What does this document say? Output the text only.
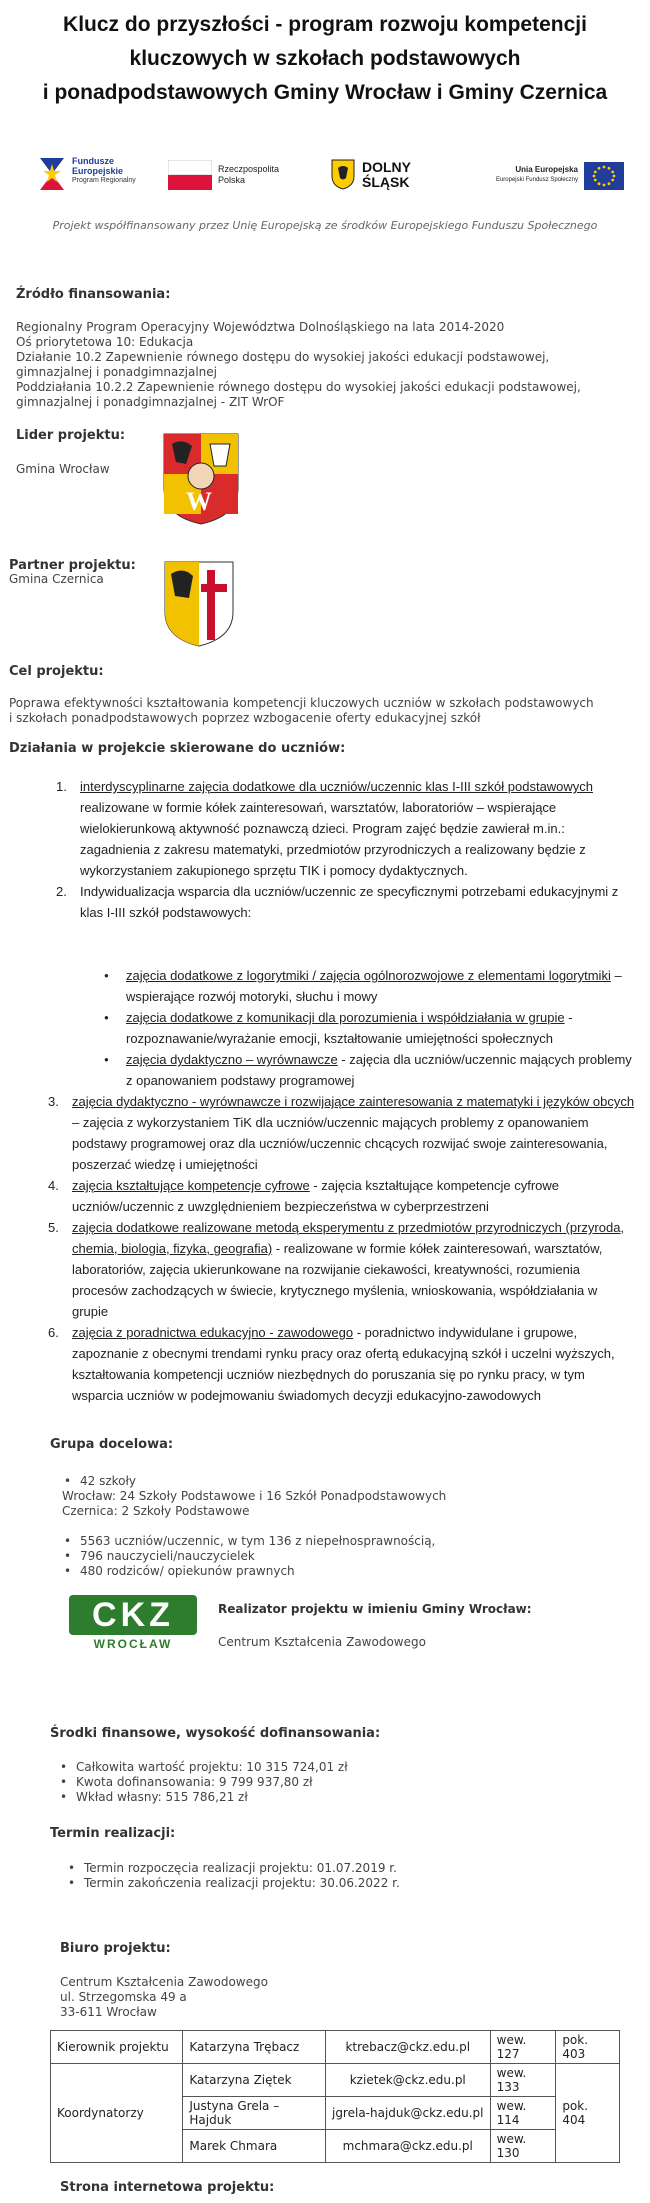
Klucz do przyszłości - program rozwoju kompetencji
kluczowych w szkołach podstawowych
i ponadpodstawowych Gminy Wrocław i Gminy Czernica
Fundusze
Europejskie
Program Regionalny
Rzeczpospolita
Polska
DOLNY
ŚLĄSK
Unia Europejska
Europejski Fundusz Społeczny
Projekt współfinansowany przez Unię Europejską ze środków Europejskiego Funduszu Społecznego
Źródło finansowania:
Regionalny Program Operacyjny Województwa Dolnośląskiego na lata 2014-2020
Oś priorytetowa 10: Edukacja
Działanie 10.2 Zapewnienie równego dostępu do wysokiej jakości edukacji podstawowej,
gimnazjalnej i ponadgimnazjalnej
Poddziałania 10.2.2 Zapewnienie równego dostępu do wysokiej jakości edukacji podstawowej,
gimnazjalnej i ponadgimnazjalnej - ZIT WrOF
Lider projektu:
Gmina Wrocław
W
Partner projektu:
Gmina Czernica
Cel projektu:
Poprawa efektywności kształtowania kompetencji kluczowych uczniów w szkołach podstawowych
i szkołach ponadpodstawowych poprzez wzbogacenie oferty edukacyjnej szkół
Działania w projekcie skierowane do uczniów:
1. interdyscyplinarne zajęcia dodatkowe dla uczniów/uczennic klas I-III szkół podstawowych realizowane w formie kółek zainteresowań, warsztatów, laboratoriów – wspierające wielokierunkową aktywność poznawczą dzieci. Program zajęć będzie zawierał m.in.: zagadnienia z zakresu matematyki, przedmiotów przyrodniczych a realizowany będzie z wykorzystaniem zakupionego sprzętu TIK i pomocy dydaktycznych.
2. Indywidualizacja wsparcia dla uczniów/uczennic ze specyficznymi potrzebami edukacyjnymi z klas I-III szkół podstawowych:
● zajęcia dodatkowe z logorytmiki / zajęcia ogólnorozwojowe z elementami logorytmiki – wspierające rozwój motoryki, słuchu i mowy
● zajęcia dodatkowe z komunikacji dla porozumienia i współdziałania w grupie - rozpoznawanie/wyrażanie emocji, kształtowanie umiejętności społecznych
● zajęcia dydaktyczno – wyrównawcze - zajęcia dla uczniów/uczennic mających problemy z opanowaniem podstawy programowej
3. zajęcia dydaktyczno - wyrównawcze i rozwijające zainteresowania z matematyki i języków obcych – zajęcia z wykorzystaniem TiK dla uczniów/uczennic mających problemy z opanowaniem podstawy programowej oraz dla uczniów/uczennic chcących rozwijać swoje zainteresowania, poszerzać wiedzę i umiejętności
4. zajęcia kształtujące kompetencje cyfrowe - zajęcia kształtujące kompetencje cyfrowe uczniów/uczennic z uwzględnieniem bezpieczeństwa w cyberprzestrzeni
5. zajęcia dodatkowe realizowane metodą eksperymentu z przedmiotów przyrodniczych (przyroda, chemia, biologia, fizyka, geografia) - realizowane w formie kółek zainteresowań, warsztatów, laboratoriów, zajęcia ukierunkowane na rozwijanie ciekawości, kreatywności, rozumienia procesów zachodzących w świecie, krytycznego myślenia, wnioskowania, współdziałania w grupie
6. zajęcia z poradnictwa edukacyjno - zawodowego - poradnictwo indywidulane i grupowe, zapoznanie z obecnymi trendami rynku pracy oraz ofertą edukacyjną szkół i uczelni wyższych, kształtowania kompetencji uczniów niezbędnych do poruszania się po rynku pracy, w tym wsparcia uczniów w podejmowaniu świadomych decyzji edukacyjno-zawodowych
Grupa docelowa:
• 42 szkoły
Wrocław: 24 Szkoły Podstawowe i 16 Szkół Ponadpodstawowych
Czernica: 2 Szkoły Podstawowe
• 5563 uczniów/uczennic, w tym 136 z niepełnosprawnością,
• 796 nauczycieli/nauczycielek
• 480 rodziców/ opiekunów prawnych
CKZ
WROCŁAW
Realizator projektu w imieniu Gminy Wrocław:
Centrum Kształcenia Zawodowego
Środki finansowe, wysokość dofinansowania:
• Całkowita wartość projektu: 10 315 724,01 zł
• Kwota dofinansowania: 9 799 937,80 zł
• Wkład własny: 515 786,21 zł
Termin realizacji:
• Termin rozpoczęcia realizacji projektu: 01.07.2019 r.
• Termin zakończenia realizacji projektu: 30.06.2022 r.
Biuro projektu:
Centrum Kształcenia Zawodowego
ul. Strzegomska 49 a
33-611 Wrocław
Kierownik projektu	Katarzyna Trębacz	ktrebacz@ckz.edu.pl	wew. 127	pok. 403
Koordynatorzy	Katarzyna Ziętek	kzietek@ckz.edu.pl	wew. 133	pok. 404
	Justyna Grela – Hajduk	jgrela-hajduk@ckz.edu.pl	wew. 114	
	Marek Chmara	mchmara@ckz.edu.pl	wew. 130	
Strona internetowa projektu:
